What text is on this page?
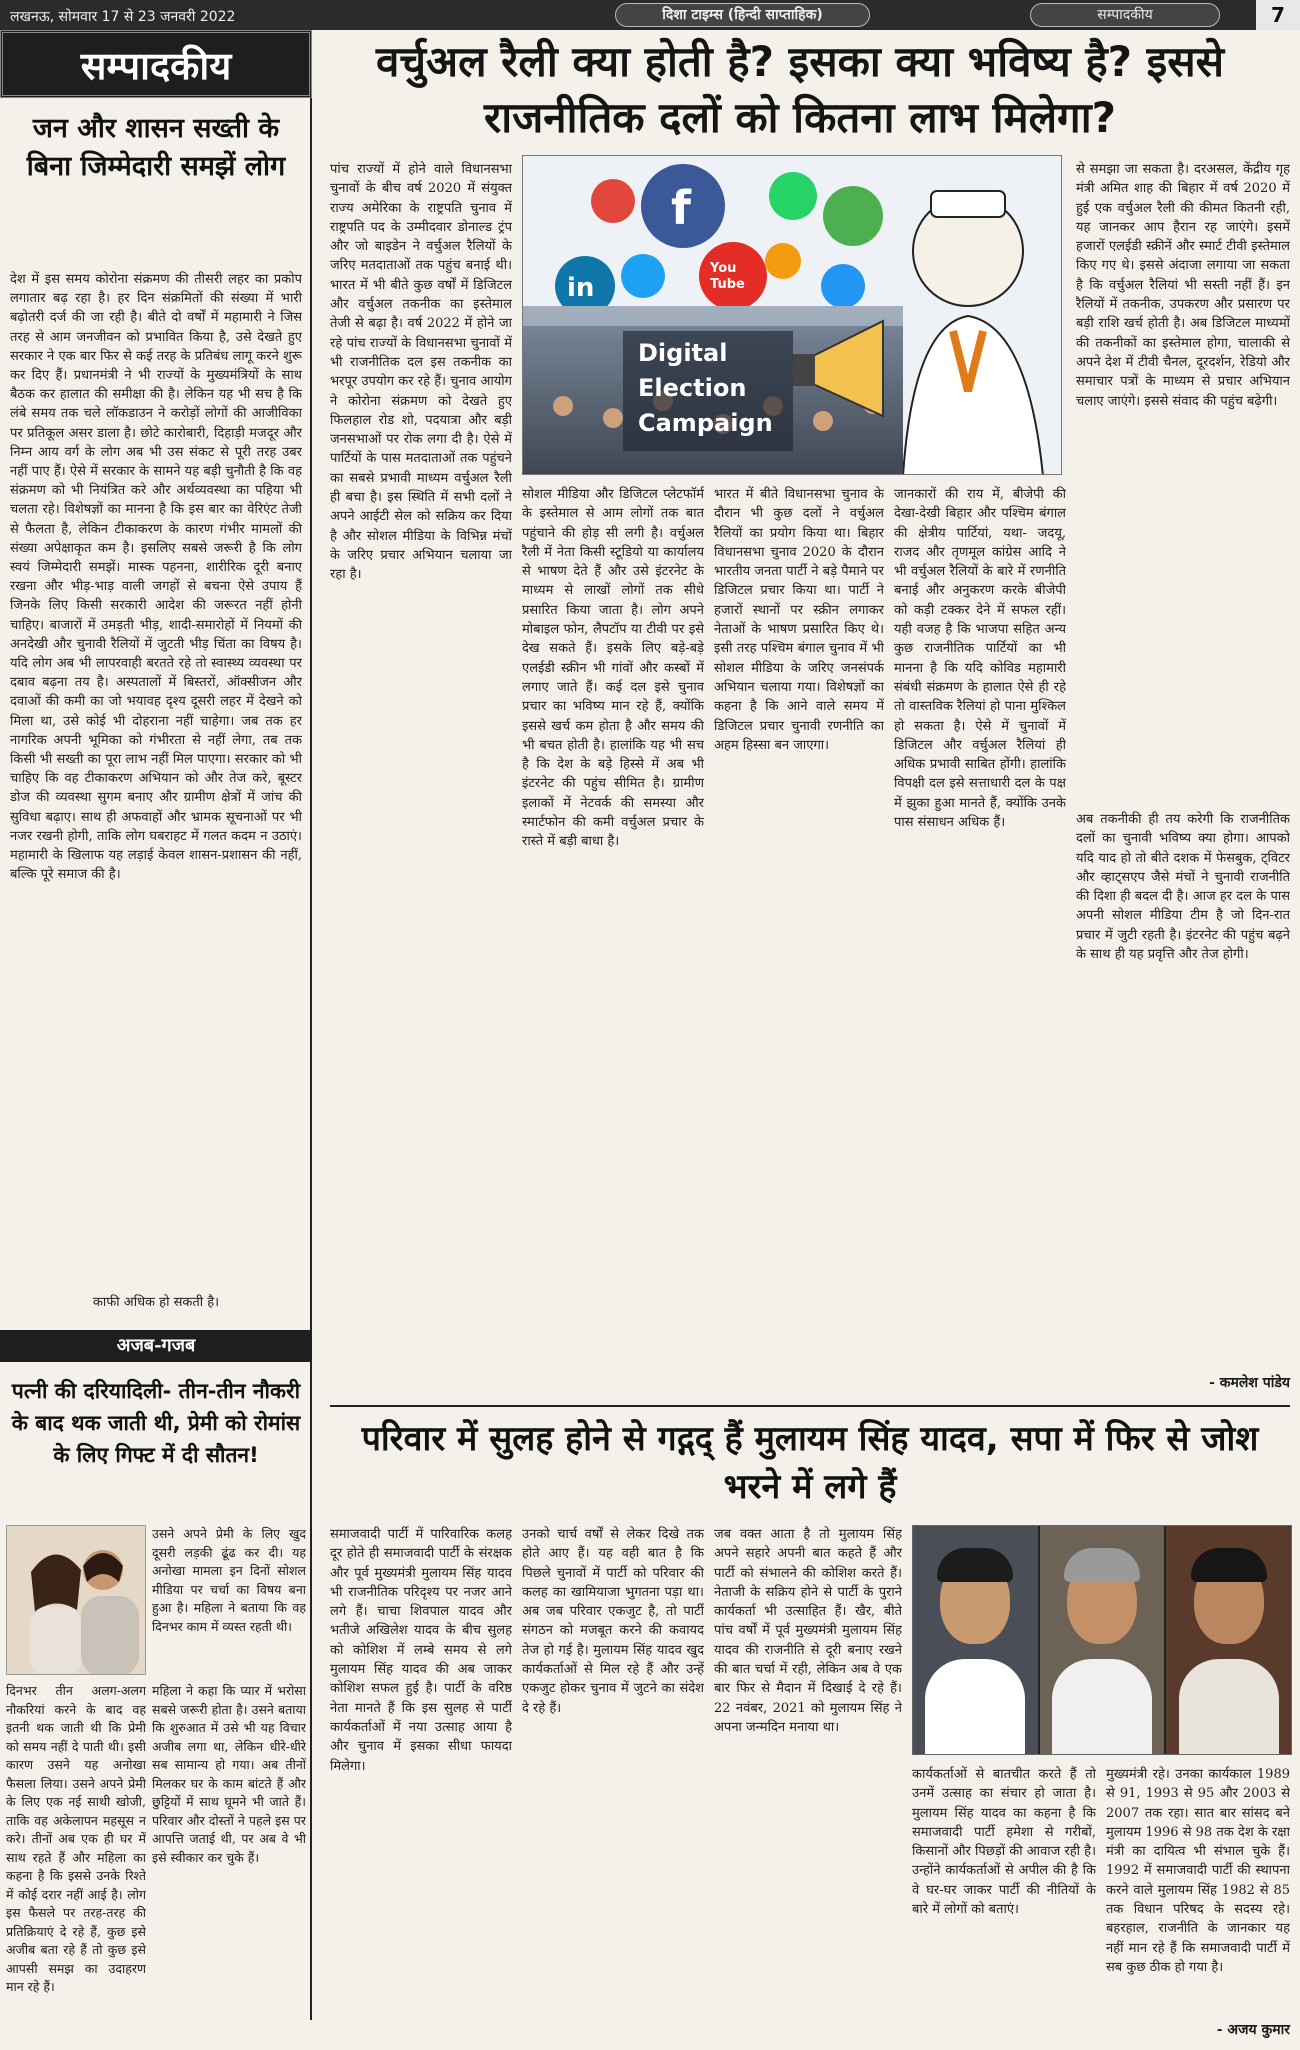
लखनऊ, सोमवार 17 से 23 जनवरी 2022	दिशा टाइम्स (हिन्दी साप्ताहिक)	सम्पादकीय	7
सम्पादकीय
जन और शासन सख्ती के बिना जिम्मेदारी समझें लोग
देश में इस समय कोरोना संक्रमण की तीसरी लहर का प्रकोप लगातार बढ़ रहा है। हर दिन संक्रमितों की संख्या में भारी बढ़ोतरी दर्ज की जा रही है। बीते दो वर्षों में महामारी ने जिस तरह से आम जनजीवन को प्रभावित किया है, उसे देखते हुए सरकार ने एक बार फिर से कई तरह के प्रतिबंध लागू करने शुरू कर दिए हैं। प्रधानमंत्री ने भी राज्यों के मुख्यमंत्रियों के साथ बैठक कर हालात की समीक्षा की है। लेकिन यह भी सच है कि लंबे समय तक चले लॉकडाउन ने करोड़ों लोगों की आजीविका पर प्रतिकूल असर डाला है। छोटे कारोबारी, दिहाड़ी मजदूर और निम्न आय वर्ग के लोग अब भी उस संकट से पूरी तरह उबर नहीं पाए हैं। ऐसे में सरकार के सामने यह बड़ी चुनौती है कि वह संक्रमण को भी नियंत्रित करे और अर्थव्यवस्था का पहिया भी चलता रहे। विशेषज्ञों का मानना है कि इस बार का वेरिएंट तेजी से फैलता है, लेकिन टीकाकरण के कारण गंभीर मामलों की संख्या अपेक्षाकृत कम है। इसलिए सबसे जरूरी है कि लोग स्वयं जिम्मेदारी समझें। मास्क पहनना, शारीरिक दूरी बनाए रखना और भीड़-भाड़ वाली जगहों से बचना ऐसे उपाय हैं जिनके लिए किसी सरकारी आदेश की जरूरत नहीं होनी चाहिए। बाजारों में उमड़ती भीड़, शादी-समारोहों में नियमों की अनदेखी और चुनावी रैलियों में जुटती भीड़ चिंता का विषय है। यदि लोग अब भी लापरवाही बरतते रहे तो स्वास्थ्य व्यवस्था पर दबाव बढ़ना तय है। अस्पतालों में बिस्तरों, ऑक्सीजन और दवाओं की कमी का जो भयावह दृश्य दूसरी लहर में देखने को मिला था, उसे कोई भी दोहराना नहीं चाहेगा। जब तक हर नागरिक अपनी भूमिका को गंभीरता से नहीं लेगा, तब तक किसी भी सख्ती का पूरा लाभ नहीं मिल पाएगा। सरकार को भी चाहिए कि वह टीकाकरण अभियान को और तेज करे, बूस्टर डोज की व्यवस्था सुगम बनाए और ग्रामीण क्षेत्रों में जांच की सुविधा बढ़ाए। साथ ही अफवाहों और भ्रामक सूचनाओं पर भी नजर रखनी होगी, ताकि लोग घबराहट में गलत कदम न उठाएं। महामारी के खिलाफ यह लड़ाई केवल शासन-प्रशासन की नहीं, बल्कि पूरे समाज की है।
काफी अधिक हो सकती है।
अजब-गजब
पत्नी की दरियादिली- तीन-तीन नौकरी के बाद थक जाती थी, प्रेमी को रोमांस के लिए गिफ्ट में दी सौतन!
उसने अपने प्रेमी के लिए खुद दूसरी लड़की ढूंढ कर दी। यह अनोखा मामला इन दिनों सोशल मीडिया पर चर्चा का विषय बना हुआ है। महिला ने बताया कि वह दिनभर काम में व्यस्त रहती थी।
दिनभर तीन अलग-अलग नौकरियां करने के बाद वह इतनी थक जाती थी कि प्रेमी को समय नहीं दे पाती थी। इसी कारण उसने यह अनोखा फैसला लिया। उसने अपने प्रेमी के लिए एक नई साथी खोजी, ताकि वह अकेलापन महसूस न करे। तीनों अब एक ही घर में साथ रहते हैं और महिला का कहना है कि इससे उनके रिश्ते में कोई दरार नहीं आई है। लोग इस फैसले पर तरह-तरह की प्रतिक्रियाएं दे रहे हैं, कुछ इसे अजीब बता रहे हैं तो कुछ इसे आपसी समझ का उदाहरण मान रहे हैं।
महिला ने कहा कि प्यार में भरोसा सबसे जरूरी होता है। उसने बताया कि शुरुआत में उसे भी यह विचार अजीब लगा था, लेकिन धीरे-धीरे सब सामान्य हो गया। अब तीनों मिलकर घर के काम बांटते हैं और छुट्टियों में साथ घूमने भी जाते हैं। परिवार और दोस्तों ने पहले इस पर आपत्ति जताई थी, पर अब वे भी इसे स्वीकार कर चुके हैं।
वर्चुअल रैली क्या होती है? इसका क्या भविष्य है? इससे राजनीतिक दलों को कितना लाभ मिलेगा?
f
in
You
Tube
Digital
Election
Campaign
पांच राज्यों में होने वाले विधानसभा चुनावों के बीच वर्ष 2020 में संयुक्त राज्य अमेरिका के राष्ट्रपति चुनाव में राष्ट्रपति पद के उम्मीदवार डोनाल्ड ट्रंप और जो बाइडेन ने वर्चुअल रैलियों के जरिए मतदाताओं तक पहुंच बनाई थी। भारत में भी बीते कुछ वर्षों में डिजिटल और वर्चुअल तकनीक का इस्तेमाल तेजी से बढ़ा है। वर्ष 2022 में होने जा रहे पांच राज्यों के विधानसभा चुनावों में भी राजनीतिक दल इस तकनीक का भरपूर उपयोग कर रहे हैं। चुनाव आयोग ने कोरोना संक्रमण को देखते हुए फिलहाल रोड शो, पदयात्रा और बड़ी जनसभाओं पर रोक लगा दी है। ऐसे में पार्टियों के पास मतदाताओं तक पहुंचने का सबसे प्रभावी माध्यम वर्चुअल रैली ही बचा है। इस स्थिति में सभी दलों ने अपने आईटी सेल को सक्रिय कर दिया है और सोशल मीडिया के विभिन्न मंचों के जरिए प्रचार अभियान चलाया जा रहा है।
सोशल मीडिया और डिजिटल प्लेटफॉर्म के इस्तेमाल से आम लोगों तक बात पहुंचाने की होड़ सी लगी है। वर्चुअल रैली में नेता किसी स्टूडियो या कार्यालय से भाषण देते हैं और उसे इंटरनेट के माध्यम से लाखों लोगों तक सीधे प्रसारित किया जाता है। लोग अपने मोबाइल फोन, लैपटॉप या टीवी पर इसे देख सकते हैं। इसके लिए बड़े-बड़े एलईडी स्क्रीन भी गांवों और कस्बों में लगाए जाते हैं। कई दल इसे चुनाव प्रचार का भविष्य मान रहे हैं, क्योंकि इससे खर्च कम होता है और समय की भी बचत होती है। हालांकि यह भी सच है कि देश के बड़े हिस्से में अब भी इंटरनेट की पहुंच सीमित है। ग्रामीण इलाकों में नेटवर्क की समस्या और स्मार्टफोन की कमी वर्चुअल प्रचार के रास्ते में बड़ी बाधा है।
भारत में बीते विधानसभा चुनाव के दौरान भी कुछ दलों ने वर्चुअल रैलियों का प्रयोग किया था। बिहार विधानसभा चुनाव 2020 के दौरान भारतीय जनता पार्टी ने बड़े पैमाने पर डिजिटल प्रचार किया था। पार्टी ने हजारों स्थानों पर स्क्रीन लगाकर नेताओं के भाषण प्रसारित किए थे। इसी तरह पश्चिम बंगाल चुनाव में भी सोशल मीडिया के जरिए जनसंपर्क अभियान चलाया गया। विशेषज्ञों का कहना है कि आने वाले समय में डिजिटल प्रचार चुनावी रणनीति का अहम हिस्सा बन जाएगा।
जानकारों की राय में, बीजेपी की देखा-देखी बिहार और पश्चिम बंगाल की क्षेत्रीय पार्टियां, यथा- जदयू, राजद और तृणमूल कांग्रेस आदि ने भी वर्चुअल रैलियों के बारे में रणनीति बनाई और अनुकरण करके बीजेपी को कड़ी टक्कर देने में सफल रहीं। यही वजह है कि भाजपा सहित अन्य कुछ राजनीतिक पार्टियों का भी मानना है कि यदि कोविड महामारी संबंधी संक्रमण के हालात ऐसे ही रहे तो वास्तविक रैलियां हो पाना मुश्किल हो सकता है। ऐसे में चुनावों में डिजिटल और वर्चुअल रैलियां ही अधिक प्रभावी साबित होंगी। हालांकि विपक्षी दल इसे सत्ताधारी दल के पक्ष में झुका हुआ मानते हैं, क्योंकि उनके पास संसाधन अधिक हैं।
से समझा जा सकता है। दरअसल, केंद्रीय गृह मंत्री अमित शाह की बिहार में वर्ष 2020 में हुई एक वर्चुअल रैली की कीमत कितनी रही, यह जानकर आप हैरान रह जाएंगे। इसमें हजारों एलईडी स्क्रीनें और स्मार्ट टीवी इस्तेमाल किए गए थे। इससे अंदाजा लगाया जा सकता है कि वर्चुअल रैलियां भी सस्ती नहीं हैं। इन रैलियों में तकनीक, उपकरण और प्रसारण पर बड़ी राशि खर्च होती है। अब डिजिटल माध्यमों की तकनीकों का इस्तेमाल होगा, चालाकी से अपने देश में टीवी चैनल, दूरदर्शन, रेडियो और समाचार पत्रों के माध्यम से प्रचार अभियान चलाए जाएंगे। इससे संवाद की पहुंच बढ़ेगी।
अब तकनीकी ही तय करेगी कि राजनीतिक दलों का चुनावी भविष्य क्या होगा। आपको यदि याद हो तो बीते दशक में फेसबुक, ट्विटर और व्हाट्सएप जैसे मंचों ने चुनावी राजनीति की दिशा ही बदल दी है। आज हर दल के पास अपनी सोशल मीडिया टीम है जो दिन-रात प्रचार में जुटी रहती है। इंटरनेट की पहुंच बढ़ने के साथ ही यह प्रवृत्ति और तेज होगी।
- कमलेश पांडेय
परिवार में सुलह होने से गद्गद् हैं मुलायम सिंह यादव, सपा में फिर से जोश भरने में लगे हैं
समाजवादी पार्टी में पारिवारिक कलह दूर होते ही समाजवादी पार्टी के संरक्षक और पूर्व मुख्यमंत्री मुलायम सिंह यादव भी राजनीतिक परिदृश्य पर नजर आने लगे हैं। चाचा शिवपाल यादव और भतीजे अखिलेश यादव के बीच सुलह को कोशिश में लम्बे समय से लगे मुलायम सिंह यादव की अब जाकर कोशिश सफल हुई है। पार्टी के वरिष्ठ नेता मानते हैं कि इस सुलह से पार्टी कार्यकर्ताओं में नया उत्साह आया है और चुनाव में इसका सीधा फायदा मिलेगा।
उनको चार्च वर्षों से लेकर दिखे तक होते आए हैं। यह वही बात है कि पिछले चुनावों में पार्टी को परिवार की कलह का खामियाजा भुगतना पड़ा था। अब जब परिवार एकजुट है, तो पार्टी संगठन को मजबूत करने की कवायद तेज हो गई है। मुलायम सिंह यादव खुद कार्यकर्ताओं से मिल रहे हैं और उन्हें एकजुट होकर चुनाव में जुटने का संदेश दे रहे हैं।
जब वक्त आता है तो मुलायम सिंह अपने सहारे अपनी बात कहते हैं और पार्टी को संभालने की कोशिश करते हैं। नेताजी के सक्रिय होने से पार्टी के पुराने कार्यकर्ता भी उत्साहित हैं। खैर, बीते पांच वर्षों में पूर्व मुख्यमंत्री मुलायम सिंह यादव की राजनीति से दूरी बनाए रखने की बात चर्चा में रही, लेकिन अब वे एक बार फिर से मैदान में दिखाई दे रहे हैं। 22 नवंबर, 2021 को मुलायम सिंह ने अपना जन्मदिन मनाया था।
कार्यकर्ताओं से बातचीत करते हैं तो उनमें उत्साह का संचार हो जाता है। मुलायम सिंह यादव का कहना है कि समाजवादी पार्टी हमेशा से गरीबों, किसानों और पिछड़ों की आवाज रही है। उन्होंने कार्यकर्ताओं से अपील की है कि वे घर-घर जाकर पार्टी की नीतियों के बारे में लोगों को बताएं।
मुख्यमंत्री रहे। उनका कार्यकाल 1989 से 91, 1993 से 95 और 2003 से 2007 तक रहा। सात बार सांसद बने मुलायम 1996 से 98 तक देश के रक्षा मंत्री का दायित्व भी संभाल चुके हैं। 1992 में समाजवादी पार्टी की स्थापना करने वाले मुलायम सिंह 1982 से 85 तक विधान परिषद के सदस्य रहे। बहरहाल, राजनीति के जानकार यह नहीं मान रहे हैं कि समाजवादी पार्टी में सब कुछ ठीक हो गया है।
- अजय कुमार
